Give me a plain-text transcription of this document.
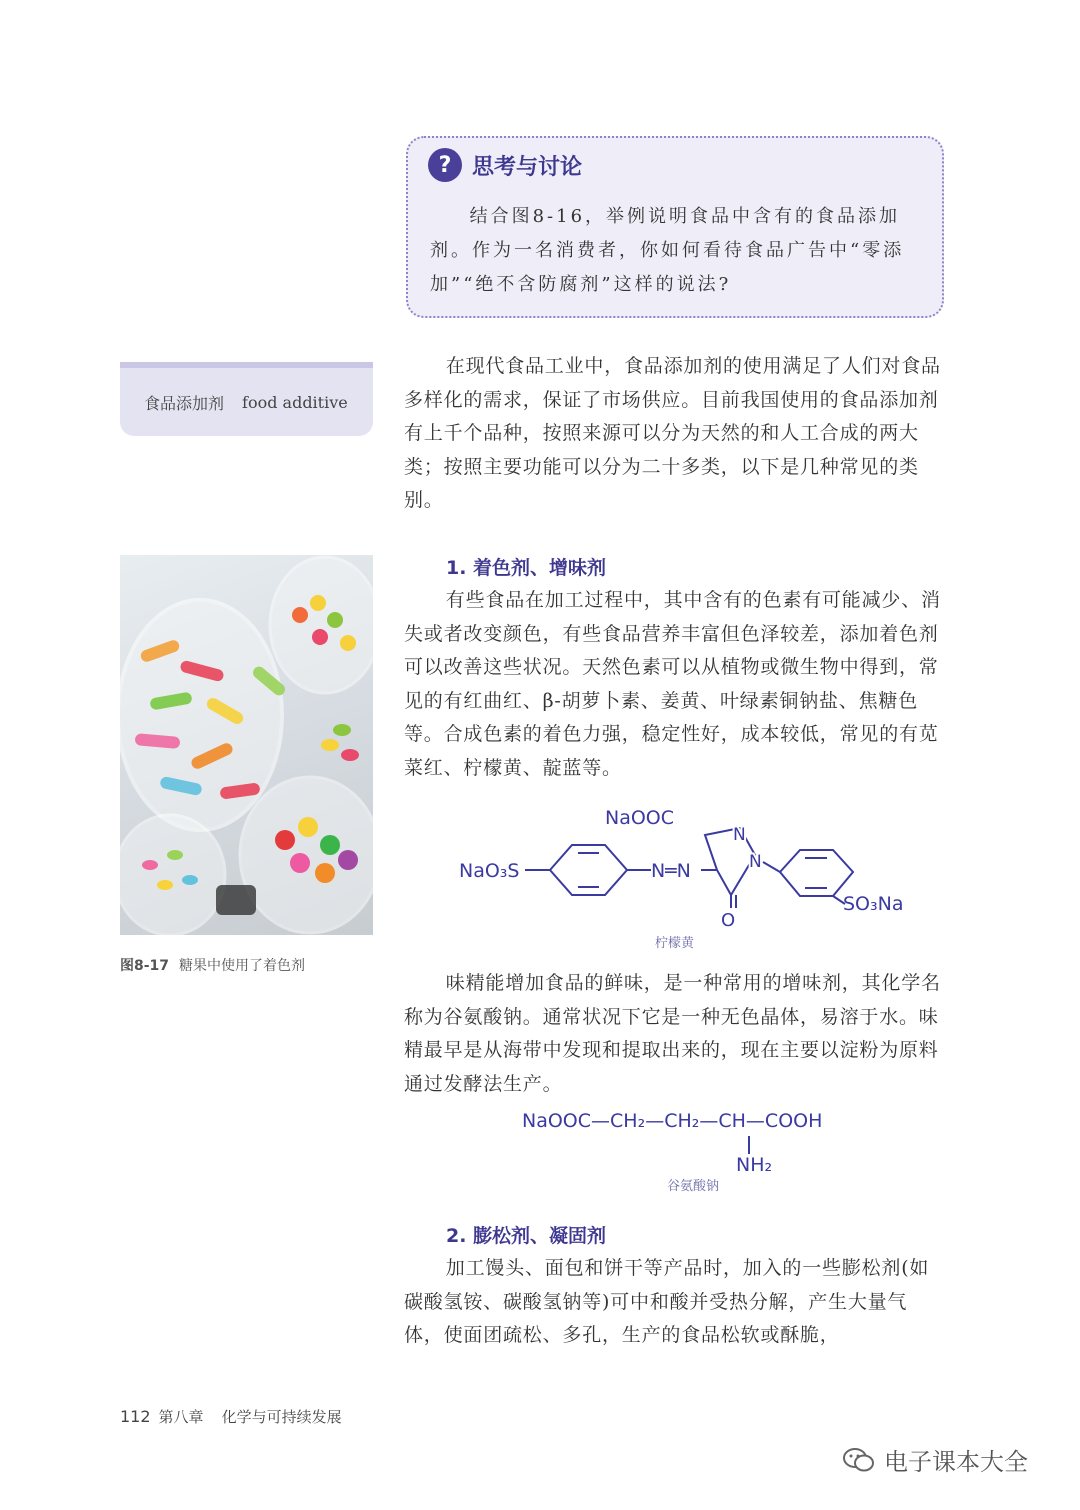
? 思考与讨论

结合图8-16，举例说明食品中含有的食品添加剂。作为一名消费者，你如何看待食品广告中“零添加”“绝不含防腐剂”这样的说法?

食品添加剂 food additive

在现代食品工业中，食品添加剂的使用满足了人们对食品多样化的需求，保证了市场供应。目前我国使用的食品添加剂有上千个品种，按照来源可以分为天然的和人工合成的两大类；按照主要功能可以分为二十多类，以下是几种常见的类别。

1. 着色剂、增味剂

有些食品在加工过程中，其中含有的色素有可能减少、消失或者改变颜色，有些食品营养丰富但色泽较差，添加着色剂可以改善这些状况。天然色素可以从植物或微生物中得到，常见的有红曲红、β-胡萝卜素、姜黄、叶绿素铜钠盐、焦糖色等。合成色素的着色力强，稳定性好，成本较低，常见的有苋菜红、柠檬黄、靛蓝等。

图8-17 糖果中使用了着色剂
NaO₃S	N═N
NaOOC
N
N
O
SO₃Na
柠檬黄

味精能增加食品的鲜味，是一种常用的增味剂，其化学名称为谷氨酸钠。通常状况下它是一种无色晶体，易溶于水。味精最早是从海带中发现和提取出来的，现在主要以淀粉为原料通过发酵法生产。

NaOOC—CH₂—CH₂—CH—COOH
NH₂
谷氨酸钠
2. 膨松剂、凝固剂

加工馒头、面包和饼干等产品时，加入的一些膨松剂(如碳酸氢铵、碳酸氢钠等)可中和酸并受热分解，产生大量气体，使面团疏松、多孔，生产的食品松软或酥脆，

112 第八章 化学与可持续发展
电子课本大全
